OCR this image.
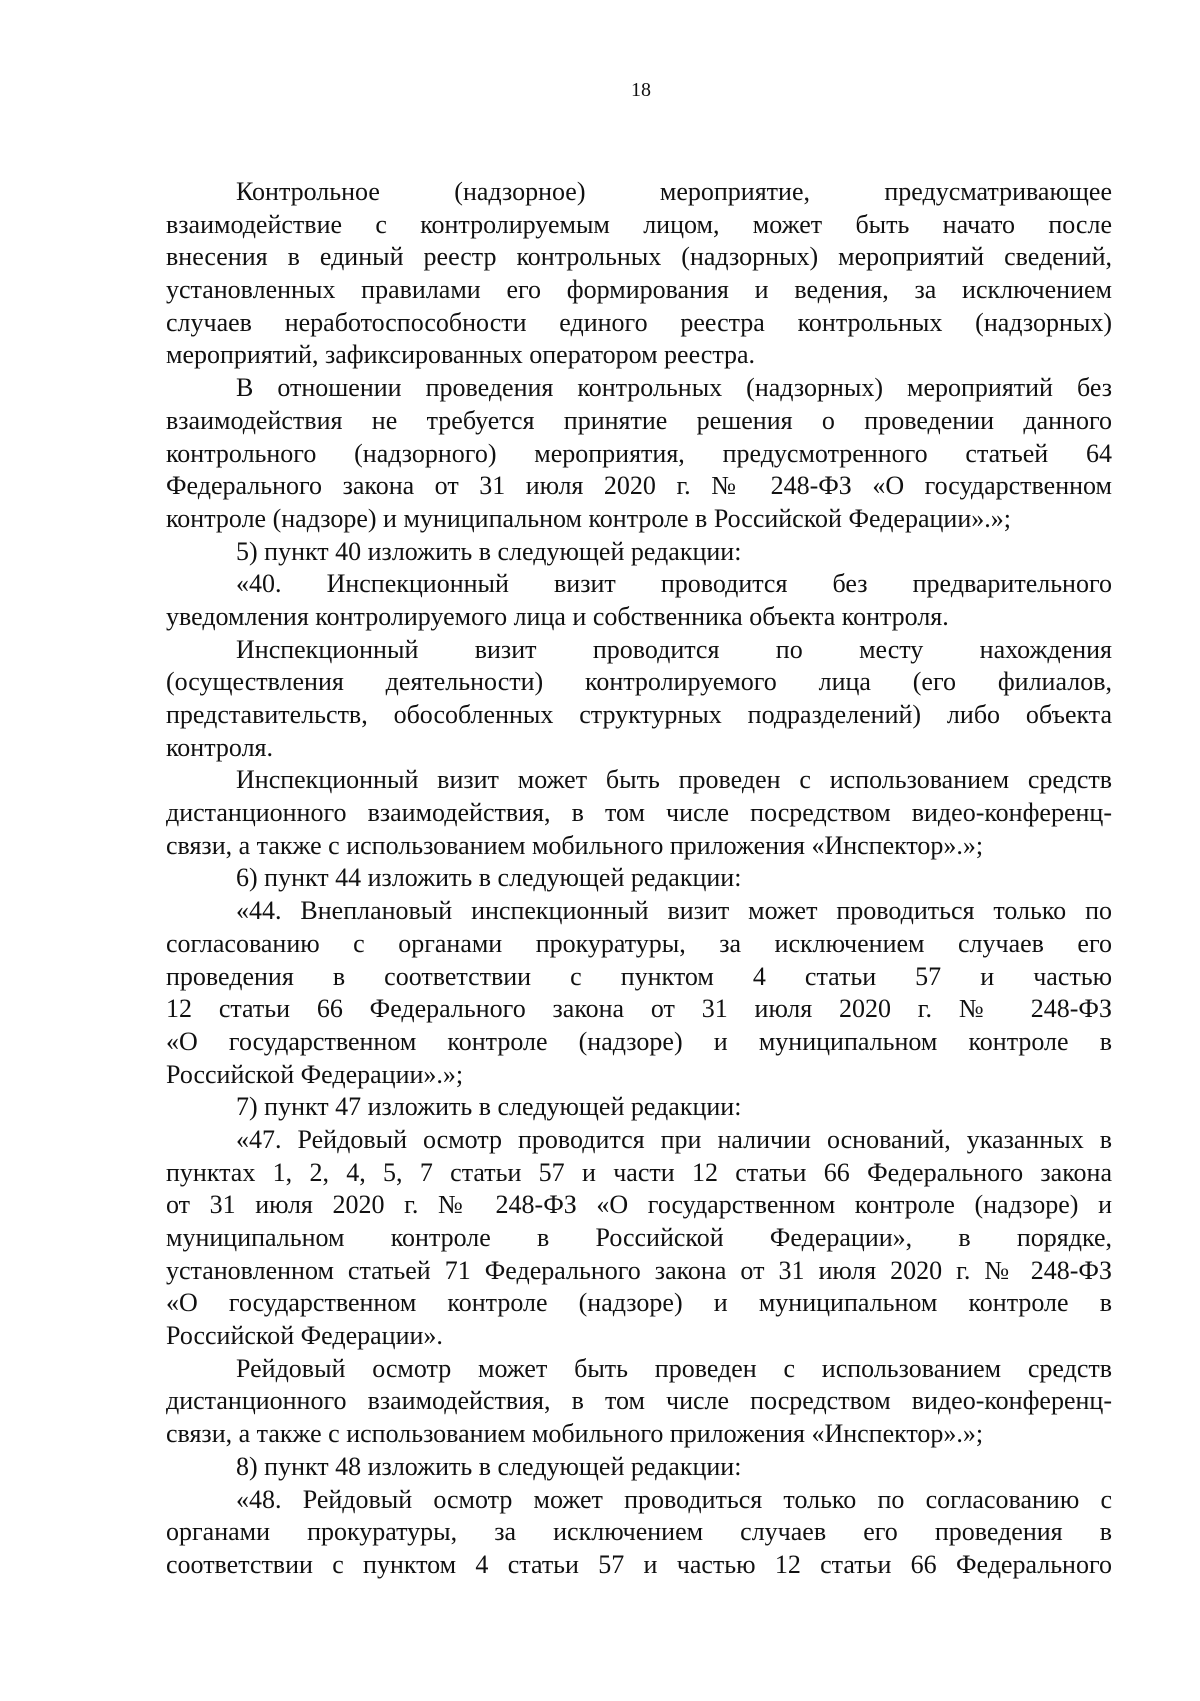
18
Контрольное (надзорное) мероприятие, предусматривающее
взаимодействие с контролируемым лицом, может быть начато после
внесения в единый реестр контрольных (надзорных) мероприятий сведений,
установленных правилами его формирования и ведения, за исключением
случаев неработоспособности единого реестра контрольных (надзорных)
мероприятий, зафиксированных оператором реестра.
В отношении проведения контрольных (надзорных) мероприятий без
взаимодействия не требуется принятие решения о проведении данного
контрольного (надзорного) мероприятия, предусмотренного статьей 64
Федерального закона от 31 июля 2020 г. № 248-ФЗ «О государственном
контроле (надзоре) и муниципальном контроле в Российской Федерации».»;
5) пункт 40 изложить в следующей редакции:
«40. Инспекционный визит проводится без предварительного
уведомления контролируемого лица и собственника объекта контроля.
Инспекционный визит проводится по месту нахождения
(осуществления деятельности) контролируемого лица (его филиалов,
представительств, обособленных структурных подразделений) либо объекта
контроля.
Инспекционный визит может быть проведен с использованием средств
дистанционного взаимодействия, в том числе посредством видео-конференц-
связи, а также с использованием мобильного приложения «Инспектор».»;
6) пункт 44 изложить в следующей редакции:
«44. Внеплановый инспекционный визит может проводиться только по
согласованию с органами прокуратуры, за исключением случаев его
проведения в соответствии с пунктом 4 статьи 57 и частью
12 статьи 66 Федерального закона от 31 июля 2020 г. № 248-ФЗ
«О государственном контроле (надзоре) и муниципальном контроле в
Российской Федерации».»;
7) пункт 47 изложить в следующей редакции:
«47. Рейдовый осмотр проводится при наличии оснований, указанных в
пунктах 1, 2, 4, 5, 7 статьи 57 и части 12 статьи 66 Федерального закона
от 31 июля 2020 г. № 248-ФЗ «О государственном контроле (надзоре) и
муниципальном контроле в Российской Федерации», в порядке,
установленном статьей 71 Федерального закона от 31 июля 2020 г. № 248-ФЗ
«О государственном контроле (надзоре) и муниципальном контроле в
Российской Федерации».
Рейдовый осмотр может быть проведен с использованием средств
дистанционного взаимодействия, в том числе посредством видео-конференц-
связи, а также с использованием мобильного приложения «Инспектор».»;
8) пункт 48 изложить в следующей редакции:
«48. Рейдовый осмотр может проводиться только по согласованию с
органами прокуратуры, за исключением случаев его проведения в
соответствии с пунктом 4 статьи 57 и частью 12 статьи 66 Федерального
